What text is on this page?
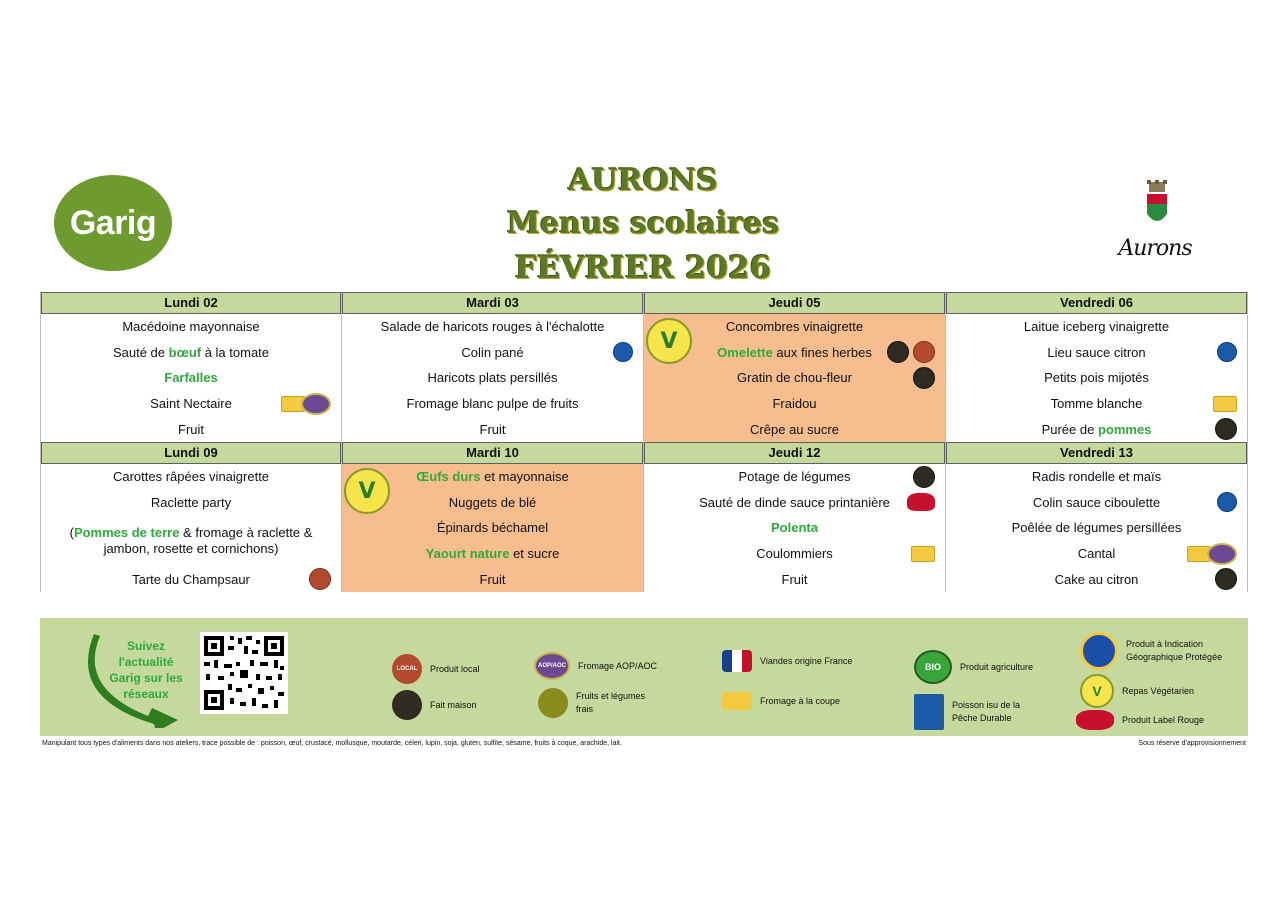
Garig
AURONS
Menus scolaires
FÉVRIER 2026
Aurons
Lundi 02
Macédoine mayonnaise
Sauté de bœuf à la tomate
Farfalles
Saint Nectaire
Fruit
Mardi 03
Salade de haricots rouges à l'échalotte
Colin pané
Haricots plats persillés
Fromage blanc pulpe de fruits
Fruit
Jeudi 05
V
Concombres vinaigrette
Omelette aux fines herbes
Gratin de chou-fleur
Fraidou
Crêpe au sucre
Vendredi 06
Laitue iceberg vinaigrette
Lieu sauce citron
Petits pois mijotés
Tomme blanche
Purée de pommes
Lundi 09
Carottes râpées vinaigrette
Raclette party
(Pommes de terre & fromage à raclette & jambon, rosette et cornichons)
Tarte du Champsaur
Mardi 10
V
Œufs durs et mayonnaise
Nuggets de blé
Épinards béchamel
Yaourt nature et sucre
Fruit
Jeudi 12
Potage de légumes
Sauté de dinde sauce printanière
Polenta
Coulommiers
Fruit
Vendredi 13
Radis rondelle et maïs
Colin sauce ciboulette
Poêlée de légumes persillées
Cantal
Cake au citron
Suivez l'actualité Garig sur les réseaux
LOCAL	Produit local
Fait maison
AOP/AOC	Fromage AOP/AOC
Fruits et légumes frais
Viandes origine France
Fromage à la coupe
BIO	Produit agriculture
Poisson isu de la Pêche Durable
Produit à Indication Géographique Protégée
V	Repas Végétarien
Produit Label Rouge
Manipulant tous types d'aliments dans nos ateliers, trace possible de : poisson, œuf, crustacé, mollusque, moutarde, céleri, lupin, soja, gluten, sulfite, sésame, fruits à coque, arachide, lait.	Sous réserve d'approvisionnement
